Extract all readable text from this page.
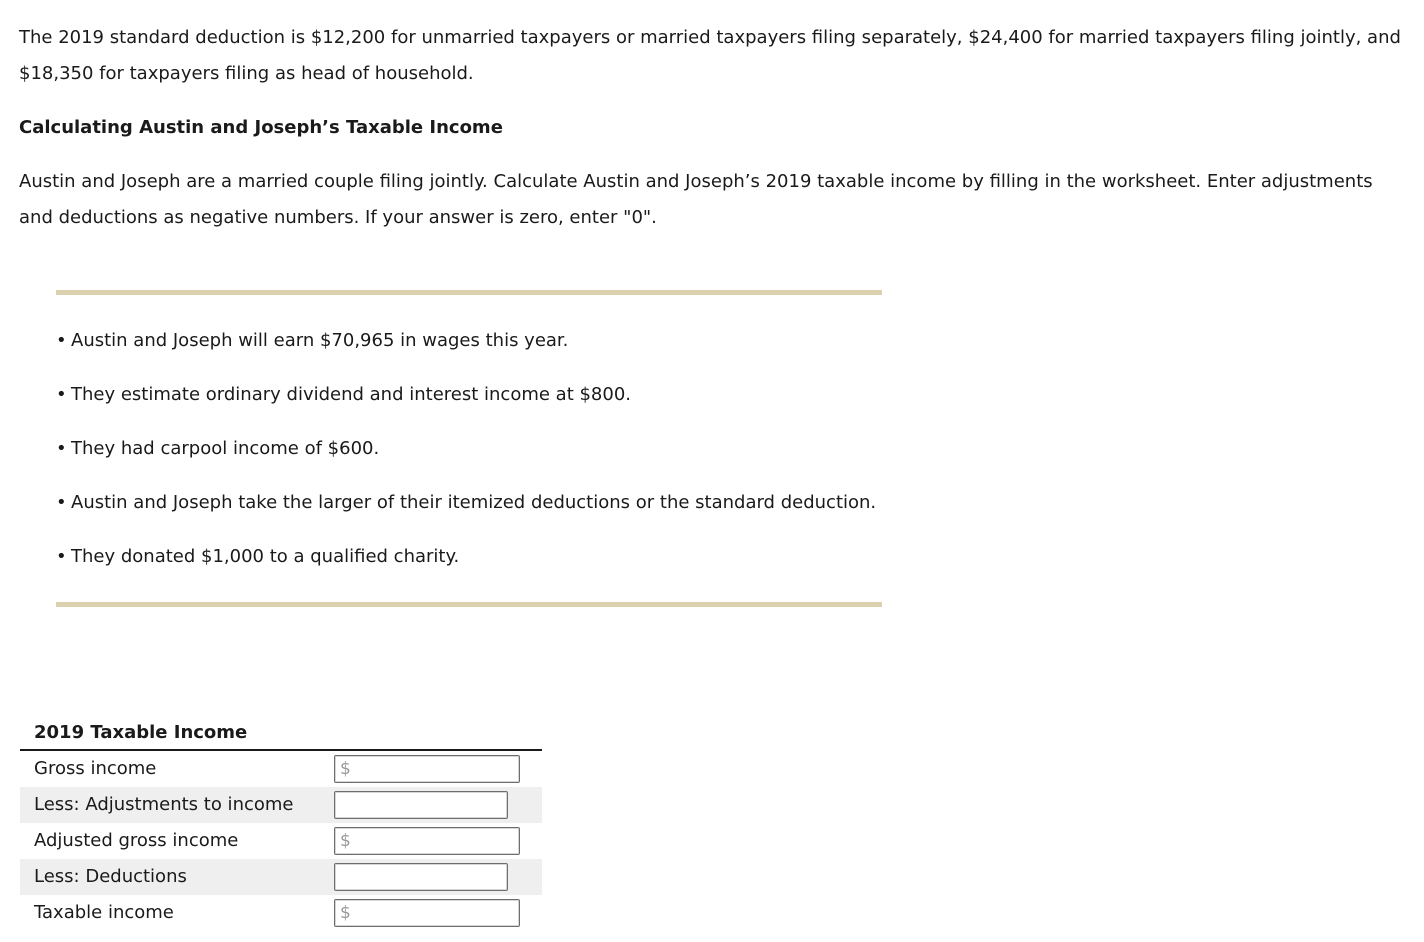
The 2019 standard deduction is $12,200 for unmarried taxpayers or married taxpayers filing separately, $24,400 for married taxpayers filing jointly, and $18,350 for taxpayers filing as head of household.

Calculating Austin and Joseph’s Taxable Income

Austin and Joseph are a married couple filing jointly. Calculate Austin and Joseph’s 2019 taxable income by filling in the worksheet. Enter adjustments and deductions as negative numbers. If your answer is zero, enter "0".

• Austin and Joseph will earn $70,965 in wages this year.
• They estimate ordinary dividend and interest income at $800.
• They had carpool income of $600.
• Austin and Joseph take the larger of their itemized deductions or the standard deduction.
• They donated $1,000 to a qualified charity.
2019 Taxable Income
Gross income	$
Less: Adjustments to income
Adjusted gross income	$
Less: Deductions
Taxable income	$
